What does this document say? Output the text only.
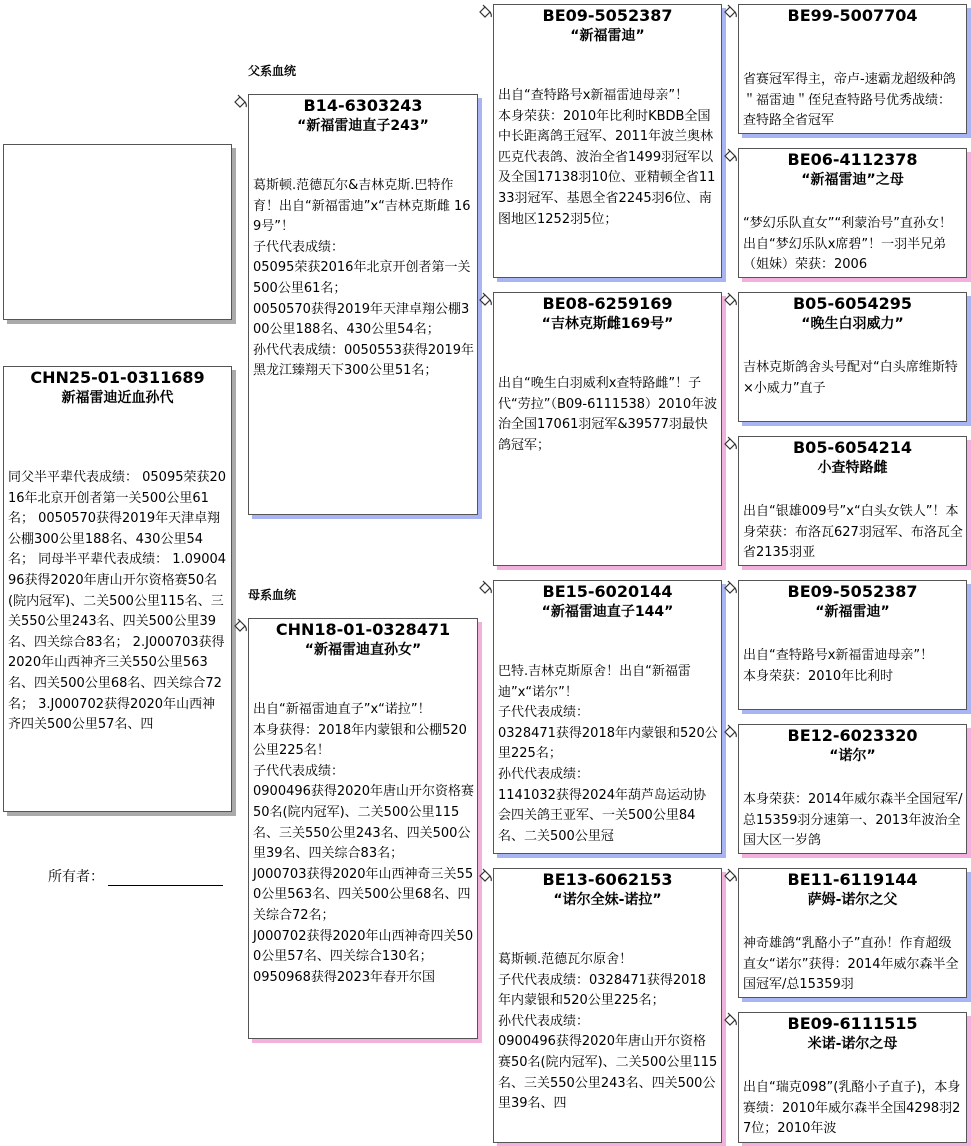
CHN25-01-0311689
新福雷迪近血孙代
同父半平辈代表成绩： 05095荣获2016年北京开创者第一关500公里61名； 0050570获得2019年天津卓翔公棚300公里188名、430公里54名； 同母半平辈代表成绩： 1.0900496获得2020年唐山开尔资格赛50名(院内冠军)、二关500公里115名、三关550公里243名、四关500公里39名、四关综合83名； 2.J000703获得2020年山西神齐三关550公里563名、四关500公里68名、四关综合72名； 3.J000702获得2020年山西神齐四关500公里57名、四
所有者：
父系血统
母系血统
B14-6303243
“新福雷迪直子243”
葛斯顿.范德瓦尔&吉林克斯.巴特作育！出自“新福雷迪”x“吉林克斯雌 169号”！
子代代表成绩：
05095荣获2016年北京开创者第一关500公里61名；
0050570获得2019年天津卓翔公棚300公里188名、430公里54名；
孙代代表成绩：0050553获得2019年黑龙江臻翔天下300公里51名；
CHN18-01-0328471
“新福雷迪直孙女”
出自“新福雷迪直子”x“诺拉”！
本身获得：2018年内蒙银和公棚520公里225名！
子代代表成绩：
0900496获得2020年唐山开尔资格赛50名(院内冠军)、二关500公里115名、三关550公里243名、四关500公里39名、四关综合83名；
J000703获得2020年山西神奇三关550公里563名、四关500公里68名、四关综合72名；
J000702获得2020年山西神奇四关500公里57名、四关综合130名；
0950968获得2023年春开尔国
BE09-5052387
“新福雷迪”
出自“查特路号x新福雷迪母亲”！
本身荣获：2010年比利时KBDB全国中长距离鸽王冠军、2011年波兰奥林匹克代表鸽、波治全省1499羽冠军以及全国17138羽10位、亚精顿全省1133羽冠军、基恩全省2245羽6位、南图地区1252羽5位；
BE08-6259169
“吉林克斯雌169号”
出自“晚生白羽威利x查特路雌”！子代“劳拉”（B09-6111538）2010年波治全国17061羽冠军&39577羽最快鸽冠军；
BE15-6020144
“新福雷迪直子144”
巴特.吉林克斯原舍！出自“新福雷迪”x“诺尔”！
子代代表成绩：
0328471获得2018年内蒙银和520公里225名；
孙代代表成绩：
1141032获得2024年葫芦岛运动协会四关鸽王亚军、一关500公里84名、二关500公里冠
BE13-6062153
“诺尔全妹-诺拉”
葛斯顿.范德瓦尔原舍！
子代代表成绩：0328471获得2018年内蒙银和520公里225名；
孙代代表成绩：
0900496获得2020年唐山开尔资格赛50名(院内冠军)、二关500公里115名、三关550公里243名、四关500公里39名、四
BE99-5007704
省赛冠军得主，帝卢-速霸龙超级种鸽＂福雷迪＂侄兒查特路号优秀战绩：查特路全省冠军
BE06-4112378
“新福雷迪”之母
“梦幻乐队直女”“利蒙治号”直孙女！出自“梦幻乐队x席碧”！一羽半兄弟（姐妹）荣获：2006
B05-6054295
“晚生白羽威力”
吉林克斯鸽舍头号配对“白头席维斯特×小威力”直子
B05-6054214
小查特路雌
出自“银雄009号”x“白头女铁人”！本身荣获：布洛瓦627羽冠军、布洛瓦全省2135羽亚
BE09-5052387
“新福雷迪”
出自“查特路号x新福雷迪母亲”！
本身荣获：2010年比利时
BE12-6023320
“诺尔”
本身荣获：2014年威尔森半全国冠军/总15359羽分速第一、2013年波治全国大区一岁鸽
BE11-6119144
萨姆-诺尔之父
神奇雄鸽“乳酪小子”直孙！作育超级直女“诺尔”获得：2014年威尔森半全国冠军/总15359羽
BE09-6111515
米诺-诺尔之母
出自“瑞克098”(乳酪小子直子)，本身赛绩：2010年威尔森半全国4298羽27位；2010年波
